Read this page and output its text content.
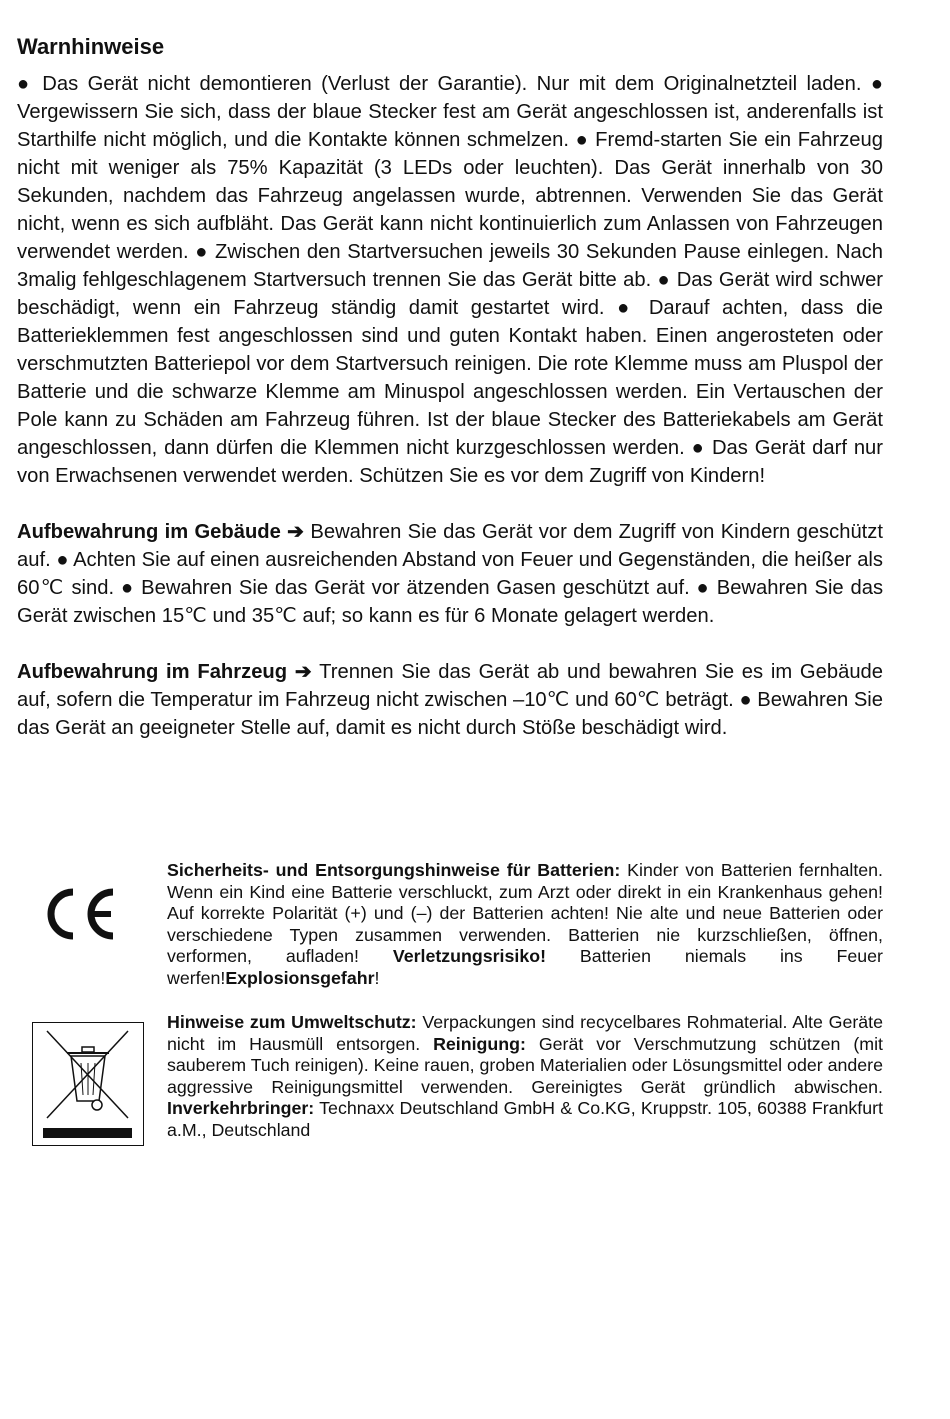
Warnhinweise

● Das Gerät nicht demontieren (Verlust der Garantie). Nur mit dem Originalnetzteil laden. ● Vergewissern Sie sich, dass der blaue Stecker fest am Gerät angeschlossen ist, anderenfalls ist Starthilfe nicht möglich, und die Kontakte können schmelzen. ● Fremd-starten Sie ein Fahrzeug nicht mit weniger als 75% Kapazität (3 LEDs oder leuchten). Das Gerät innerhalb von 30 Sekunden, nachdem das Fahrzeug angelassen wurde, abtrennen. Verwenden Sie das Gerät nicht, wenn es sich aufbläht. Das Gerät kann nicht kontinuierlich zum Anlassen von Fahrzeugen verwendet werden. ● Zwischen den Startversuchen jeweils 30 Sekunden Pause einlegen. Nach 3malig fehlgeschlagenem Startversuch trennen Sie das Gerät bitte ab. ● Das Gerät wird schwer beschädigt, wenn ein Fahrzeug ständig damit gestartet wird. ● Darauf achten, dass die Batterieklemmen fest angeschlossen sind und guten Kontakt haben. Einen angerosteten oder verschmutzten Batteriepol vor dem Startversuch reinigen. Die rote Klemme muss am Pluspol der Batterie und die schwarze Klemme am Minuspol angeschlossen werden. Ein Vertauschen der Pole kann zu Schäden am Fahrzeug führen. Ist der blaue Stecker des Batteriekabels am Gerät angeschlossen, dann dürfen die Klemmen nicht kurzgeschlossen werden. ● Das Gerät darf nur von Erwachsenen verwendet werden. Schützen Sie es vor dem Zugriff von Kindern!

Aufbewahrung im Gebäude ➔ Bewahren Sie das Gerät vor dem Zugriff von Kindern geschützt auf. ● Achten Sie auf einen ausreichenden Abstand von Feuer und Gegenständen, die heißer als 60℃ sind. ● Bewahren Sie das Gerät vor ätzenden Gasen geschützt auf. ● Bewahren Sie das Gerät zwischen 15℃ und 35℃ auf; so kann es für 6 Monate gelagert werden.

Aufbewahrung im Fahrzeug ➔ Trennen Sie das Gerät ab und bewahren Sie es im Gebäude auf, sofern die Temperatur im Fahrzeug nicht zwischen –10℃ und 60℃ beträgt. ● Bewahren Sie das Gerät an geeigneter Stelle auf, damit es nicht durch Stöße beschädigt wird.

Sicherheits- und Entsorgungshinweise für Batterien: Kinder von Batterien fernhalten. Wenn ein Kind eine Batterie verschluckt, zum Arzt oder direkt in ein Krankenhaus gehen! Auf korrekte Polarität (+) und (–) der Batterien achten! Nie alte und neue Batterien oder verschiedene Typen zusammen verwenden. Batterien nie kurzschließen, öffnen, verformen, aufladen! Verletzungsrisiko! Batterien niemals ins Feuer werfen!Explosionsgefahr!

Hinweise zum Umweltschutz: Verpackungen sind recycelbares Rohmaterial. Alte Geräte nicht im Hausmüll entsorgen. Reinigung: Gerät vor Verschmutzung schützen (mit sauberem Tuch reinigen). Keine rauen, groben Materialien oder Lösungsmittel oder andere aggressive Reinigungsmittel verwenden. Gereinigtes Gerät gründlich abwischen. Inverkehrbringer: Technaxx Deutschland GmbH & Co.KG, Kruppstr. 105, 60388 Frankfurt a.M., Deutschland
